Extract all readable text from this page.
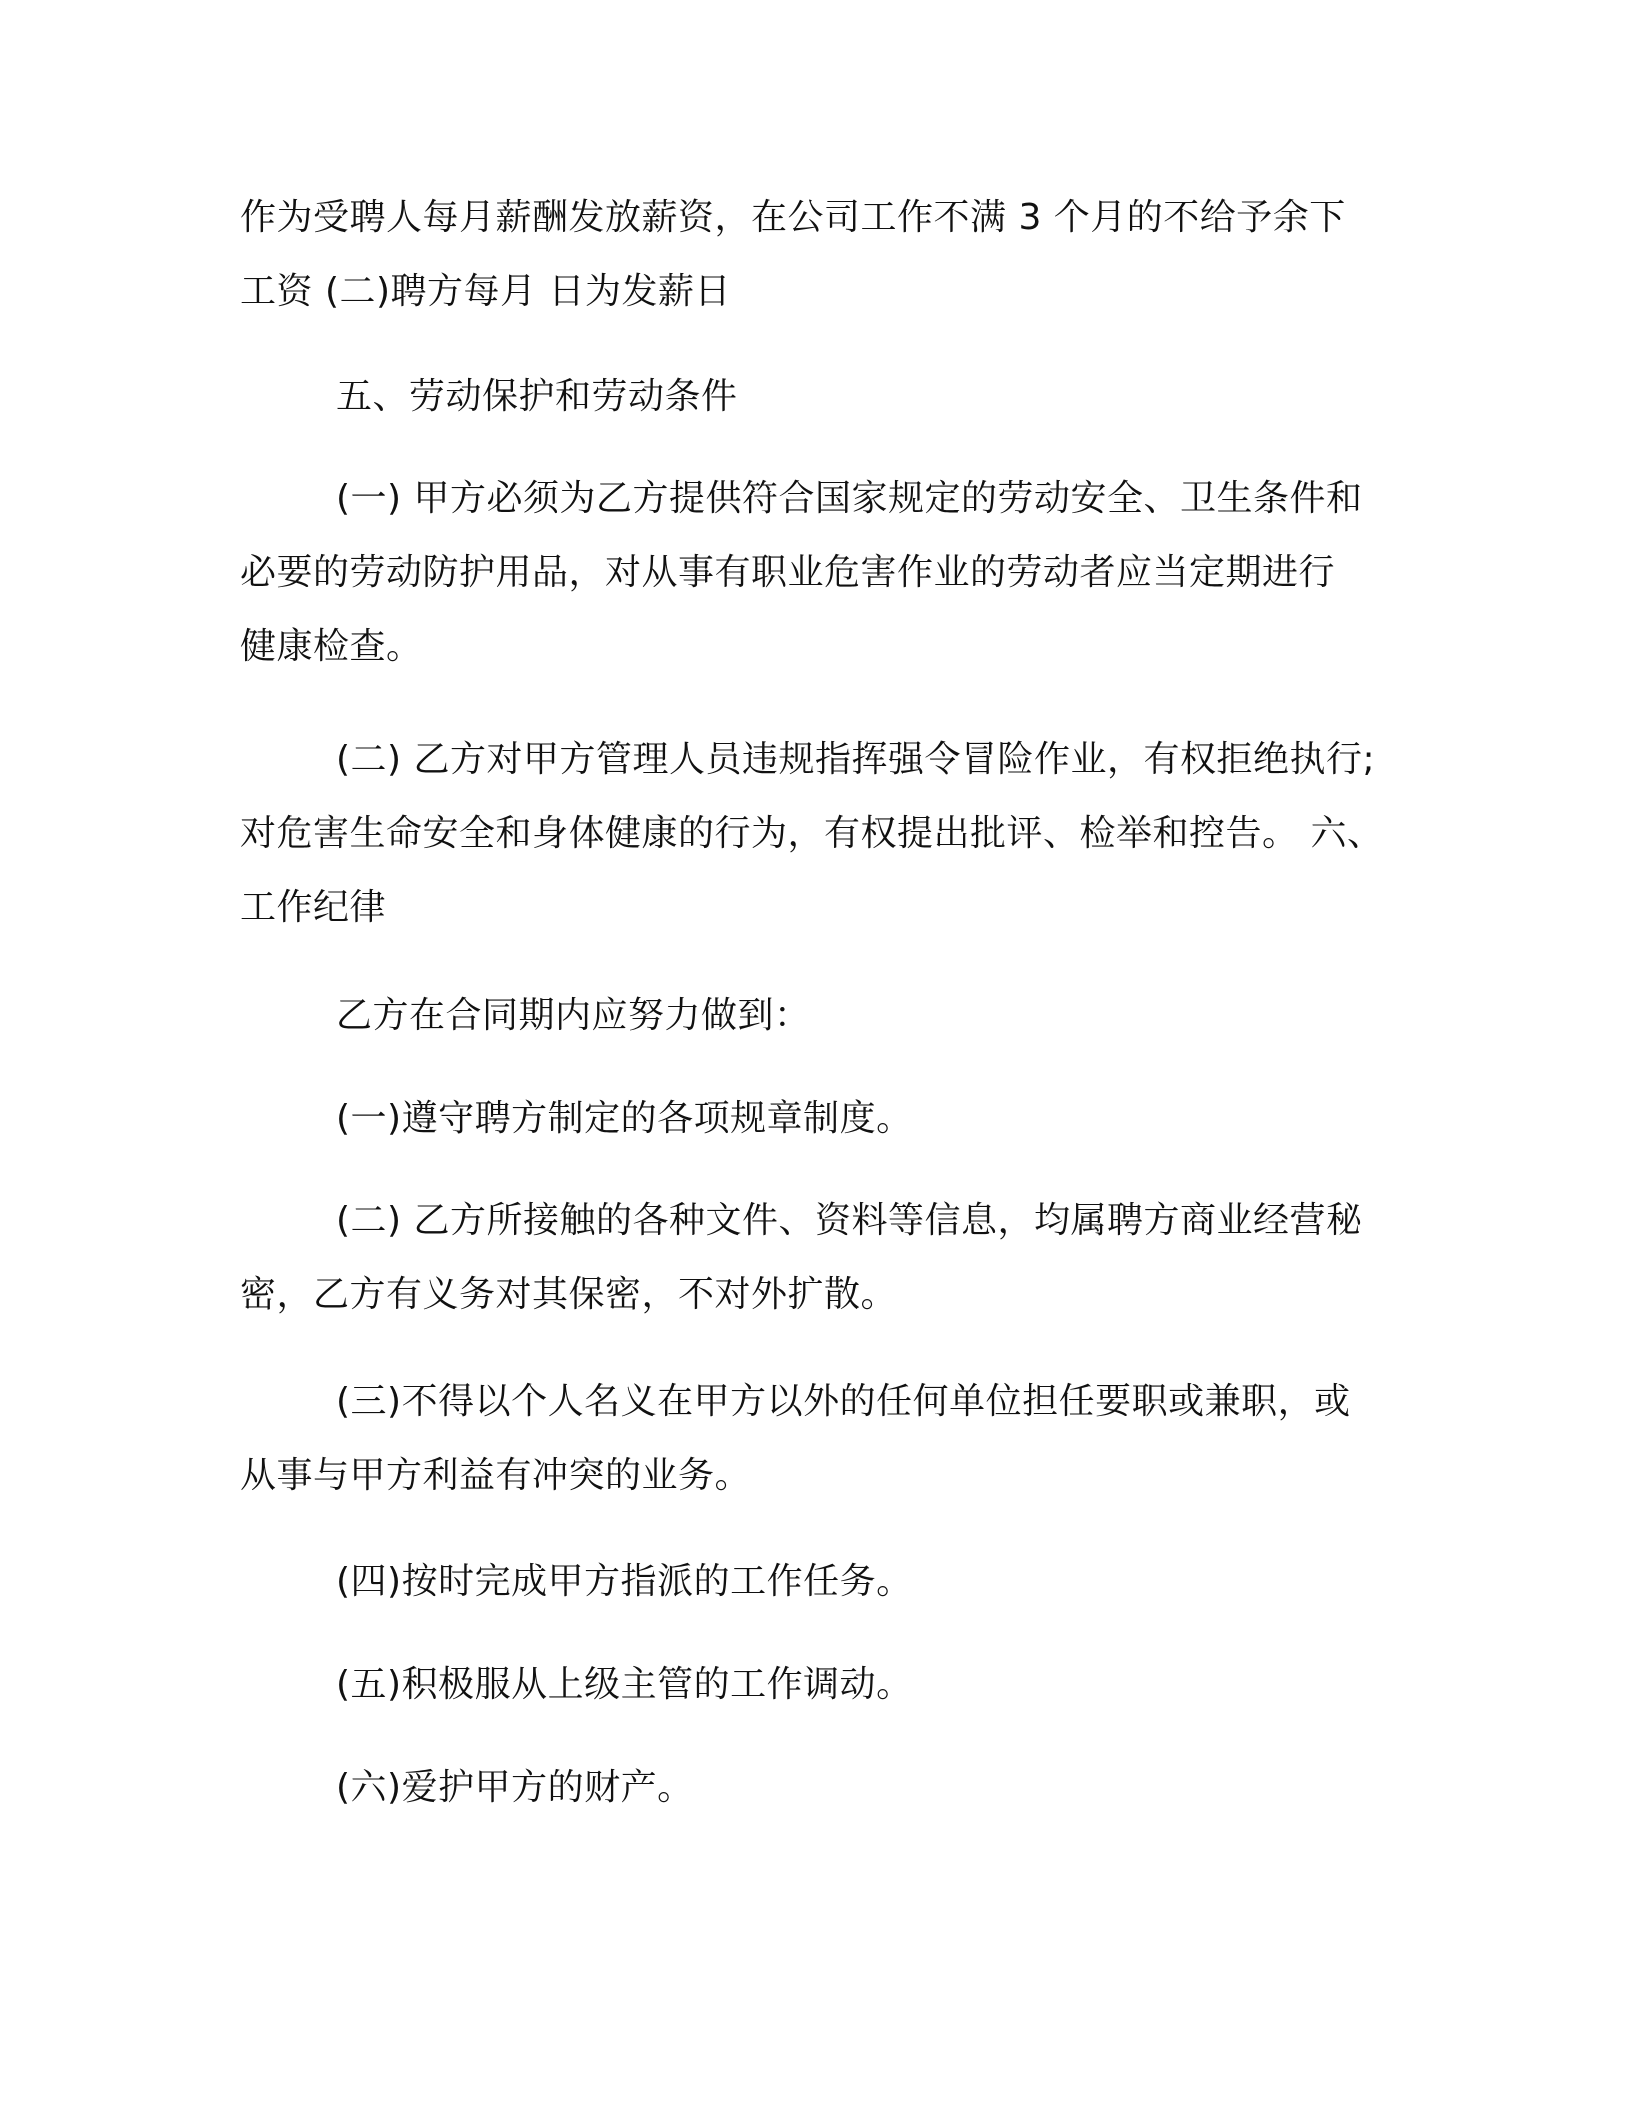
作为受聘人每月薪酬发放薪资，在公司工作不满 3 个月的不给予余下
工资 (二)聘方每月 日为发薪日

五、劳动保护和劳动条件

(一) 甲方必须为乙方提供符合国家规定的劳动安全、卫生条件和
必要的劳动防护用品，对从事有职业危害作业的劳动者应当定期进行
健康检查。

(二) 乙方对甲方管理人员违规指挥强令冒险作业，有权拒绝执行;
对危害生命安全和身体健康的行为，有权提出批评、检举和控告。 六、
工作纪律

乙方在合同期内应努力做到：

(一)遵守聘方制定的各项规章制度。

(二) 乙方所接触的各种文件、资料等信息，均属聘方商业经营秘
密，乙方有义务对其保密，不对外扩散。

(三)不得以个人名义在甲方以外的任何单位担任要职或兼职，或
从事与甲方利益有冲突的业务。

(四)按时完成甲方指派的工作任务。

(五)积极服从上级主管的工作调动。

(六)爱护甲方的财产。
